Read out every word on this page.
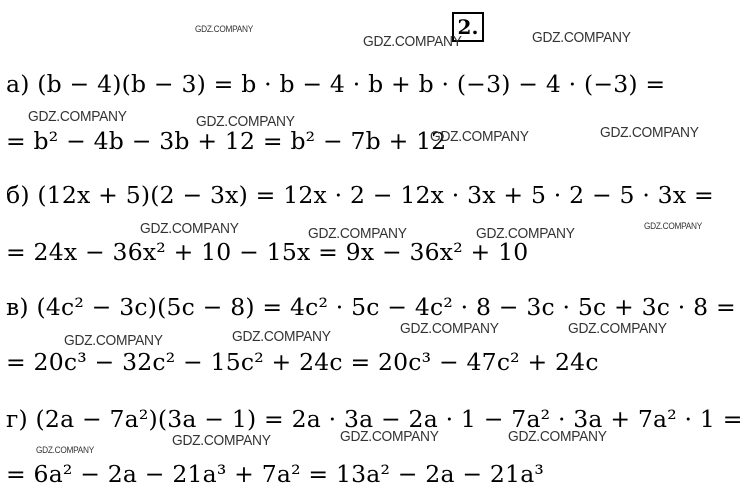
2.
а) (b − 4)(b − 3) = b · b − 4 · b + b · (−3) − 4 · (−3) =
= b² − 4b − 3b + 12 = b² − 7b + 12
б) (12x + 5)(2 − 3x) = 12x · 2 − 12x · 3x + 5 · 2 − 5 · 3x =
= 24x − 36x² + 10 − 15x = 9x − 36x² + 10
в) (4c² − 3c)(5c − 8) = 4c² · 5c − 4c² · 8 − 3c · 5c + 3c · 8 =
= 20c³ − 32c² − 15c² + 24c = 20c³ − 47c² + 24c
г) (2a − 7a²)(3a − 1) = 2a · 3a − 2a · 1 − 7a² · 3a + 7a² · 1 =
= 6a² − 2a − 21a³ + 7a² = 13a² − 2a − 21a³
GDZ.COMPANY
GDZ.COMPANY	GDZ.COMPANY
GDZ.COMPANY	GDZ.COMPANY
GDZ.COMPANY	GDZ.COMPANY
GDZ.COMPANY	GDZ.COMPANY	GDZ.COMPANY	GDZ.COMPANY
GDZ.COMPANY	GDZ.COMPANY	GDZ.COMPANY	GDZ.COMPANY
GDZ.COMPANY
GDZ.COMPANY	GDZ.COMPANY	GDZ.COMPANY
